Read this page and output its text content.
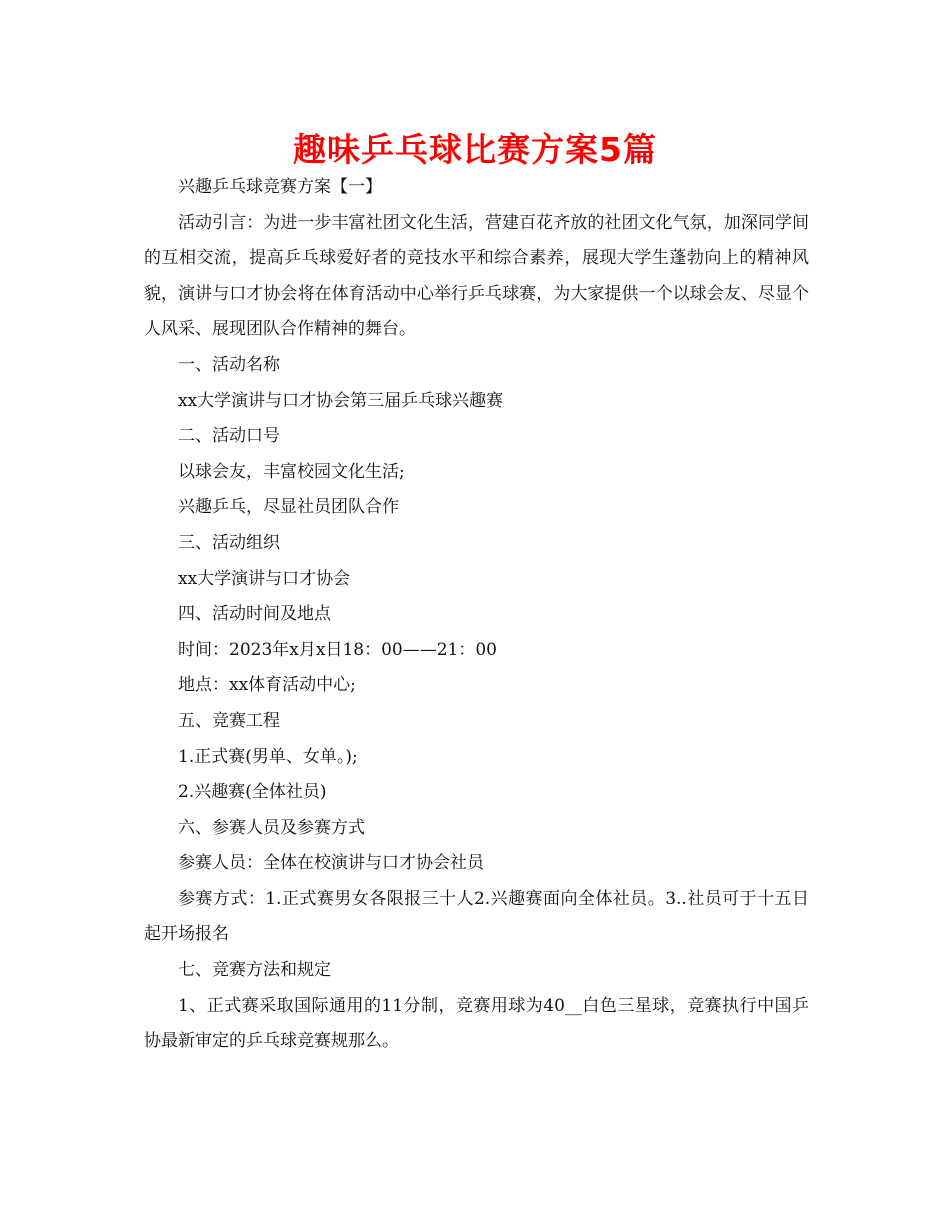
趣味乒乓球比赛方案5篇

兴趣乒乓球竞赛方案【一】

活动引言：为进一步丰富社团文化生活，营建百花齐放的社团文化气氛，加深同学间的互相交流，提高乒乓球爱好者的竞技水平和综合素养，展现大学生蓬勃向上的精神风貌，演讲与口才协会将在体育活动中心举行乒乓球赛，为大家提供一个以球会友、尽显个人风采、展现团队合作精神的舞台。

一、活动名称

xx大学演讲与口才协会第三届乒乓球兴趣赛

二、活动口号

以球会友，丰富校园文化生活;

兴趣乒乓，尽显社员团队合作

三、活动组织

xx大学演讲与口才协会

四、活动时间及地点

时间：2023年x月x日18：00——21：00

地点：xx体育活动中心;

五、竞赛工程

1.正式赛(男单、女单。);

2.兴趣赛(全体社员)

六、参赛人员及参赛方式

参赛人员：全体在校演讲与口才协会社员

参赛方式：1.正式赛男女各限报三十人2.兴趣赛面向全体社员。3..社员可于十五日起开场报名

七、竞赛方法和规定

1、正式赛采取国际通用的11分制，竞赛用球为40__白色三星球，竞赛执行中国乒协最新审定的乒乓球竞赛规那么。
